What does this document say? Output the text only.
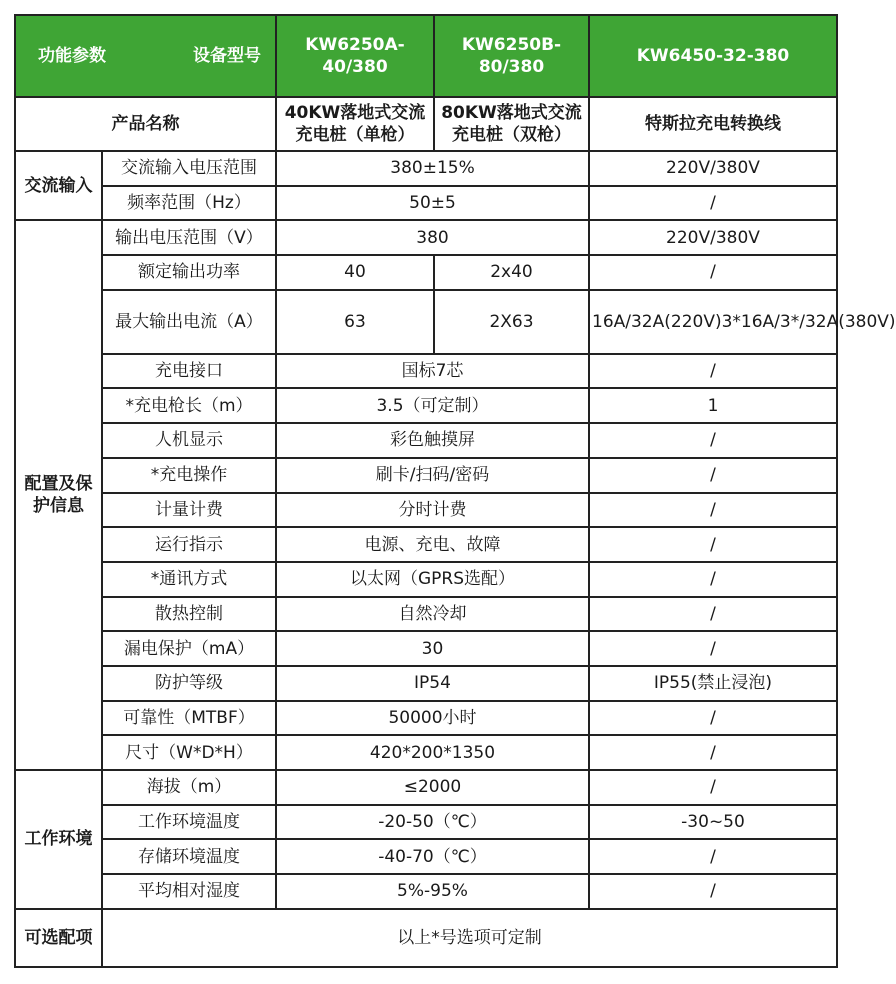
功能参数 设备型号		KW6250A-40/380	KW6250B-80/380	KW6450-32-380
产品名称		40KW落地式交流充电桩（单枪）	80KW落地式交流充电桩（双枪）	特斯拉充电转换线
交流输入	交流输入电压范围	380±15%		220V/380V
	频率范围（Hz）	50±5		/
配置及保护信息	输出电压范围（V）	380		220V/380V
	额定输出功率	40	2x40	/
	最大输出电流（A）	63	2X63	16A/32A(220V)3*16A/3*/32A(380V)
	充电接口	国标7芯		/
	*充电枪长（m）	3.5（可定制）		1
	人机显示	彩色触摸屏		/
	*充电操作	刷卡/扫码/密码		/
	计量计费	分时计费		/
	运行指示	电源、充电、故障		/
	*通讯方式	以太网（GPRS选配）		/
	散热控制	自然冷却		/
	漏电保护（mA）	30		/
	防护等级	IP54		IP55(禁止浸泡)
	可靠性（MTBF）	50000小时		/
	尺寸（W*D*H）	420*200*1350		/
工作环境	海拔（m）	≤2000		/
	工作环境温度	-20-50（℃）		-30~50
	存储环境温度	-40-70（℃）		/
	平均相对湿度	5%-95%		/
可选配项	以上*号选项可定制			
